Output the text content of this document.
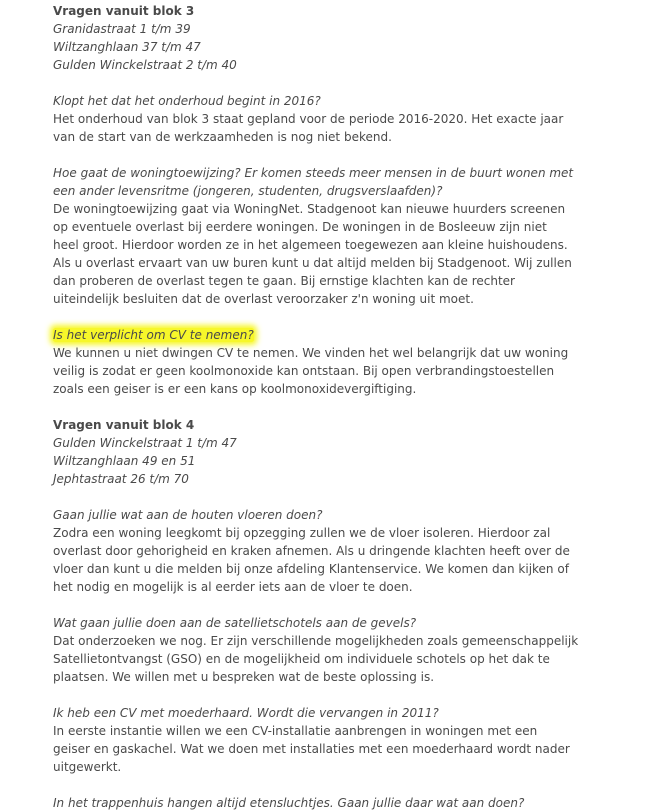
Vragen vanuit blok 3
Granidastraat 1 t/m 39
Wiltzanghlaan 37 t/m 47
Gulden Winckelstraat 2 t/m 40
Klopt het dat het onderhoud begint in 2016?
Het onderhoud van blok 3 staat gepland voor de periode 2016-2020. Het exacte jaar
van de start van de werkzaamheden is nog niet bekend.
Hoe gaat de woningtoewijzing? Er komen steeds meer mensen in de buurt wonen met
een ander levensritme (jongeren, studenten, drugsverslaafden)?
De woningtoewijzing gaat via WoningNet. Stadgenoot kan nieuwe huurders screenen
op eventuele overlast bij eerdere woningen. De woningen in de Bosleeuw zijn niet
heel groot. Hierdoor worden ze in het algemeen toegewezen aan kleine huishoudens.
Als u overlast ervaart van uw buren kunt u dat altijd melden bij Stadgenoot. Wij zullen
dan proberen de overlast tegen te gaan. Bij ernstige klachten kan de rechter
uiteindelijk besluiten dat de overlast veroorzaker z'n woning uit moet.
Is het verplicht om CV te nemen?
We kunnen u niet dwingen CV te nemen. We vinden het wel belangrijk dat uw woning
veilig is zodat er geen koolmonoxide kan ontstaan. Bij open verbrandingstoestellen
zoals een geiser is er een kans op koolmonoxidevergiftiging.
Vragen vanuit blok 4
Gulden Winckelstraat 1 t/m 47
Wiltzanghlaan 49 en 51
Jephtastraat 26 t/m 70
Gaan jullie wat aan de houten vloeren doen?
Zodra een woning leegkomt bij opzegging zullen we de vloer isoleren. Hierdoor zal
overlast door gehorigheid en kraken afnemen. Als u dringende klachten heeft over de
vloer dan kunt u die melden bij onze afdeling Klantenservice. We komen dan kijken of
het nodig en mogelijk is al eerder iets aan de vloer te doen.
Wat gaan jullie doen aan de satellietschotels aan de gevels?
Dat onderzoeken we nog. Er zijn verschillende mogelijkheden zoals gemeenschappelijk
Satellietontvangst (GSO) en de mogelijkheid om individuele schotels op het dak te
plaatsen. We willen met u bespreken wat de beste oplossing is.
Ik heb een CV met moederhaard. Wordt die vervangen in 2011?
In eerste instantie willen we een CV-installatie aanbrengen in woningen met een
geiser en gaskachel. Wat we doen met installaties met een moederhaard wordt nader
uitgewerkt.
In het trappenhuis hangen altijd etensluchtjes. Gaan jullie daar wat aan doen?
